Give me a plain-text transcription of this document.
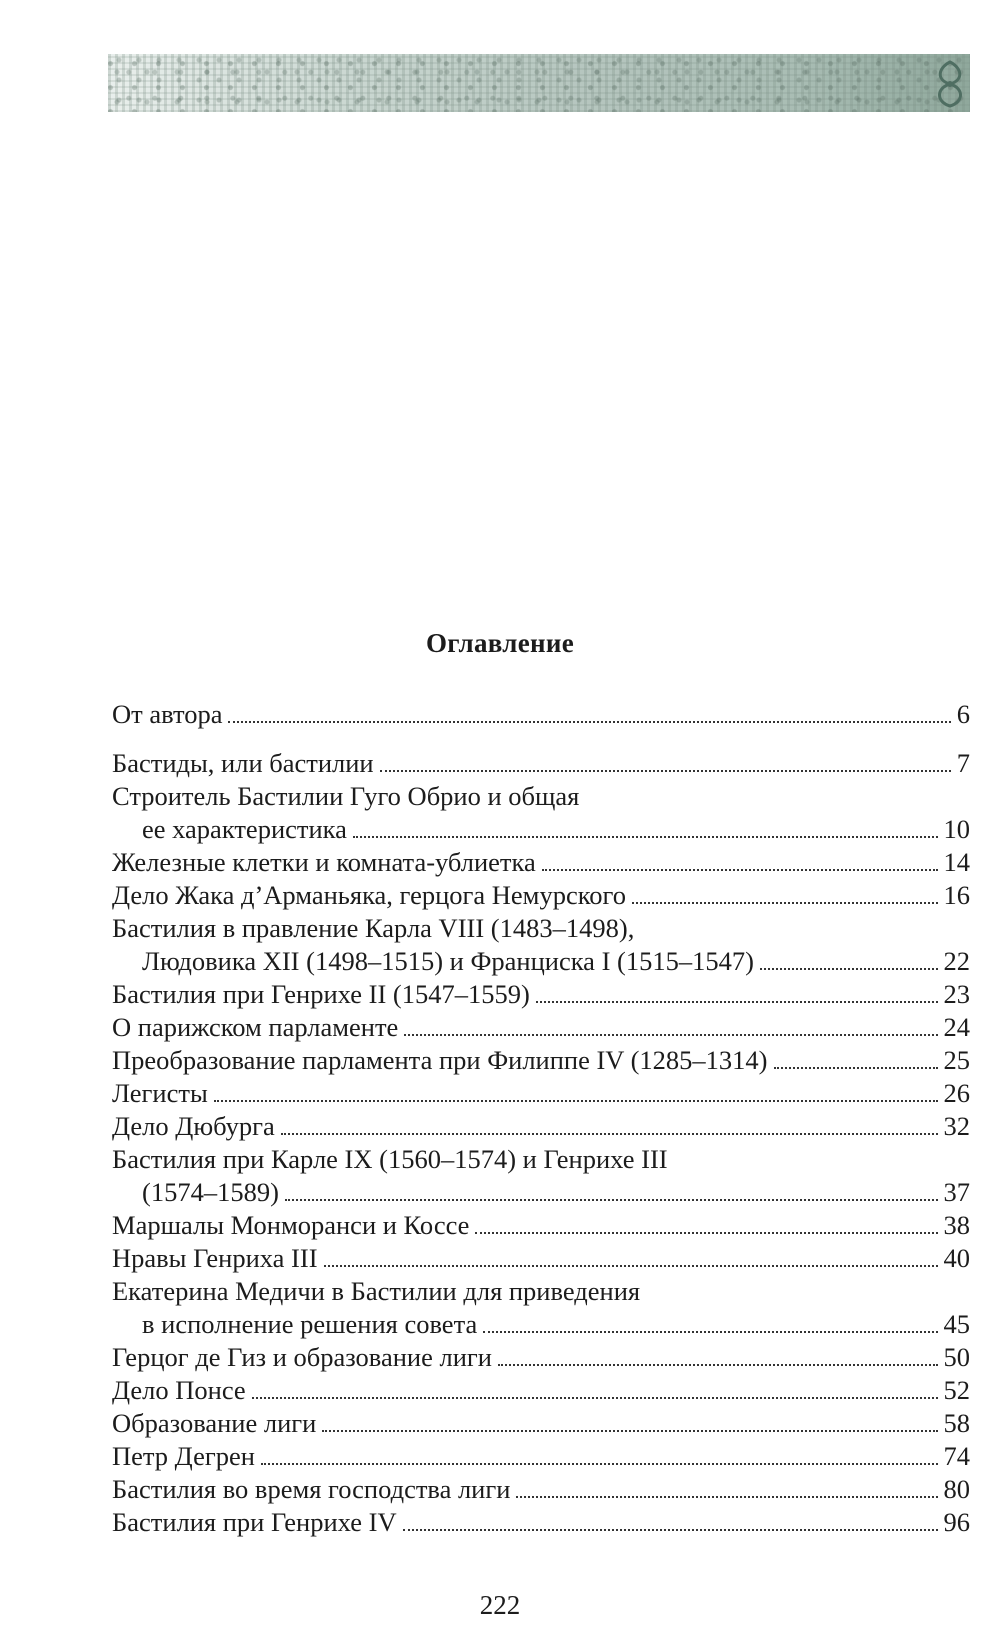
Оглавление
От автора	6
Бастиды, или бастилии	7
Строитель Бастилии Гуго Обрио и общая
ее характеристика	10
Железные клетки и комната-ублиетка	14
Дело Жака д’Арманьяка, герцога Немурского	16
Бастилия в правление Карла VIII (1483–1498),
Людовика XII (1498–1515) и Франциска I (1515–1547)	22
Бастилия при Генрихе II (1547–1559)	23
О парижском парламенте	24
Преобразование парламента при Филиппе IV (1285–1314)	25
Легисты	26
Дело Дюбурга	32
Бастилия при Карле IX (1560–1574) и Генрихе III
(1574–1589)	37
Маршалы Монморанси и Коссе	38
Нравы Генриха III	40
Екатерина Медичи в Бастилии для приведения
в исполнение решения совета	45
Герцог де Гиз и образование лиги	50
Дело Понсе	52
Образование лиги	58
Петр Дегрен	74
Бастилия во время господства лиги	80
Бастилия при Генрихе IV	96
222
